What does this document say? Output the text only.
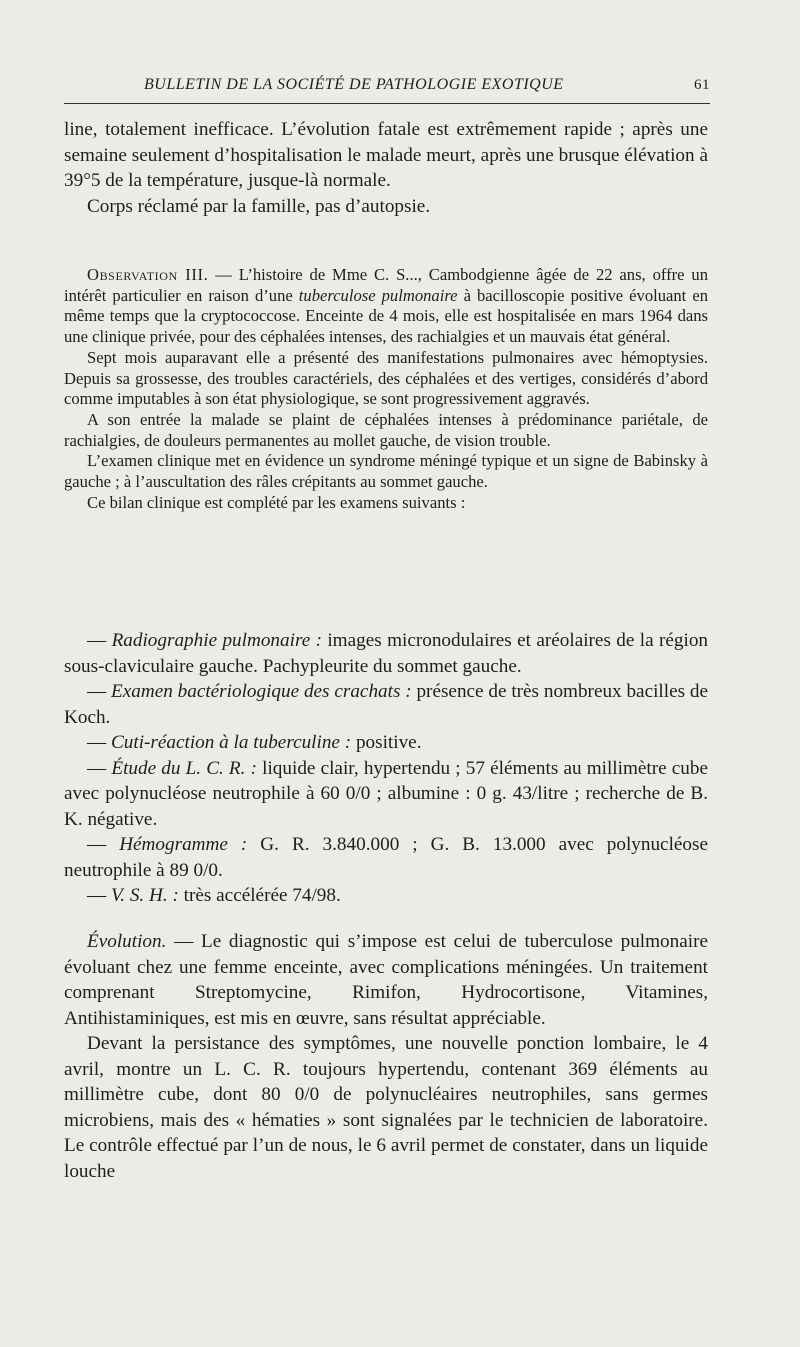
BULLETIN DE LA SOCIÉTÉ DE PATHOLOGIE EXOTIQUE	61

line, totalement inefficace. L’évolution fatale est extrêmement rapide ; après une semaine seulement d’hospitalisation le malade meurt, après une brusque élévation à 39°5 de la température, jusque-là normale.

Corps réclamé par la famille, pas d’autopsie.

Observation III. — L’histoire de Mme C. S..., Cambodgienne âgée de 22 ans, offre un intérêt particulier en raison d’une tuberculose pulmonaire à bacilloscopie positive évoluant en même temps que la cryptococcose. Enceinte de 4 mois, elle est hospitalisée en mars 1964 dans une clinique privée, pour des céphalées intenses, des rachialgies et un mauvais état général.

Sept mois auparavant elle a présenté des manifestations pulmonaires avec hémoptysies. Depuis sa grossesse, des troubles caractériels, des céphalées et des vertiges, considérés d’abord comme imputables à son état physiologique, se sont progressivement aggravés.

A son entrée la malade se plaint de céphalées intenses à prédominance pariétale, de rachialgies, de douleurs permanentes au mollet gauche, de vision trouble.

L’examen clinique met en évidence un syndrome méningé typique et un signe de Babinsky à gauche ; à l’auscultation des râles crépitants au sommet gauche.

Ce bilan clinique est complété par les examens suivants :

— Radiographie pulmonaire : images micronodulaires et aréolaires de la région sous-claviculaire gauche. Pachypleurite du sommet gauche.

— Examen bactériologique des crachats : présence de très nombreux bacilles de Koch.

— Cuti-réaction à la tuberculine : positive.

— Étude du L. C. R. : liquide clair, hypertendu ; 57 éléments au millimètre cube avec polynucléose neutrophile à 60 0/0 ; albumine : 0 g. 43/litre ; recherche de B. K. négative.

— Hémogramme : G. R. 3.840.000 ; G. B. 13.000 avec polynucléose neutrophile à 89 0/0.

— V. S. H. : très accélérée 74/98.

Évolution. — Le diagnostic qui s’impose est celui de tuberculose pulmonaire évoluant chez une femme enceinte, avec complications méningées. Un traitement comprenant Streptomycine, Rimifon, Hydrocortisone, Vitamines, Antihistaminiques, est mis en œuvre, sans résultat appréciable.

Devant la persistance des symptômes, une nouvelle ponction lombaire, le 4 avril, montre un L. C. R. toujours hypertendu, contenant 369 éléments au millimètre cube, dont 80 0/0 de polynucléaires neutrophiles, sans germes microbiens, mais des « hématies » sont signalées par le technicien de laboratoire. Le contrôle effectué par l’un de nous, le 6 avril permet de constater, dans un liquide louche
